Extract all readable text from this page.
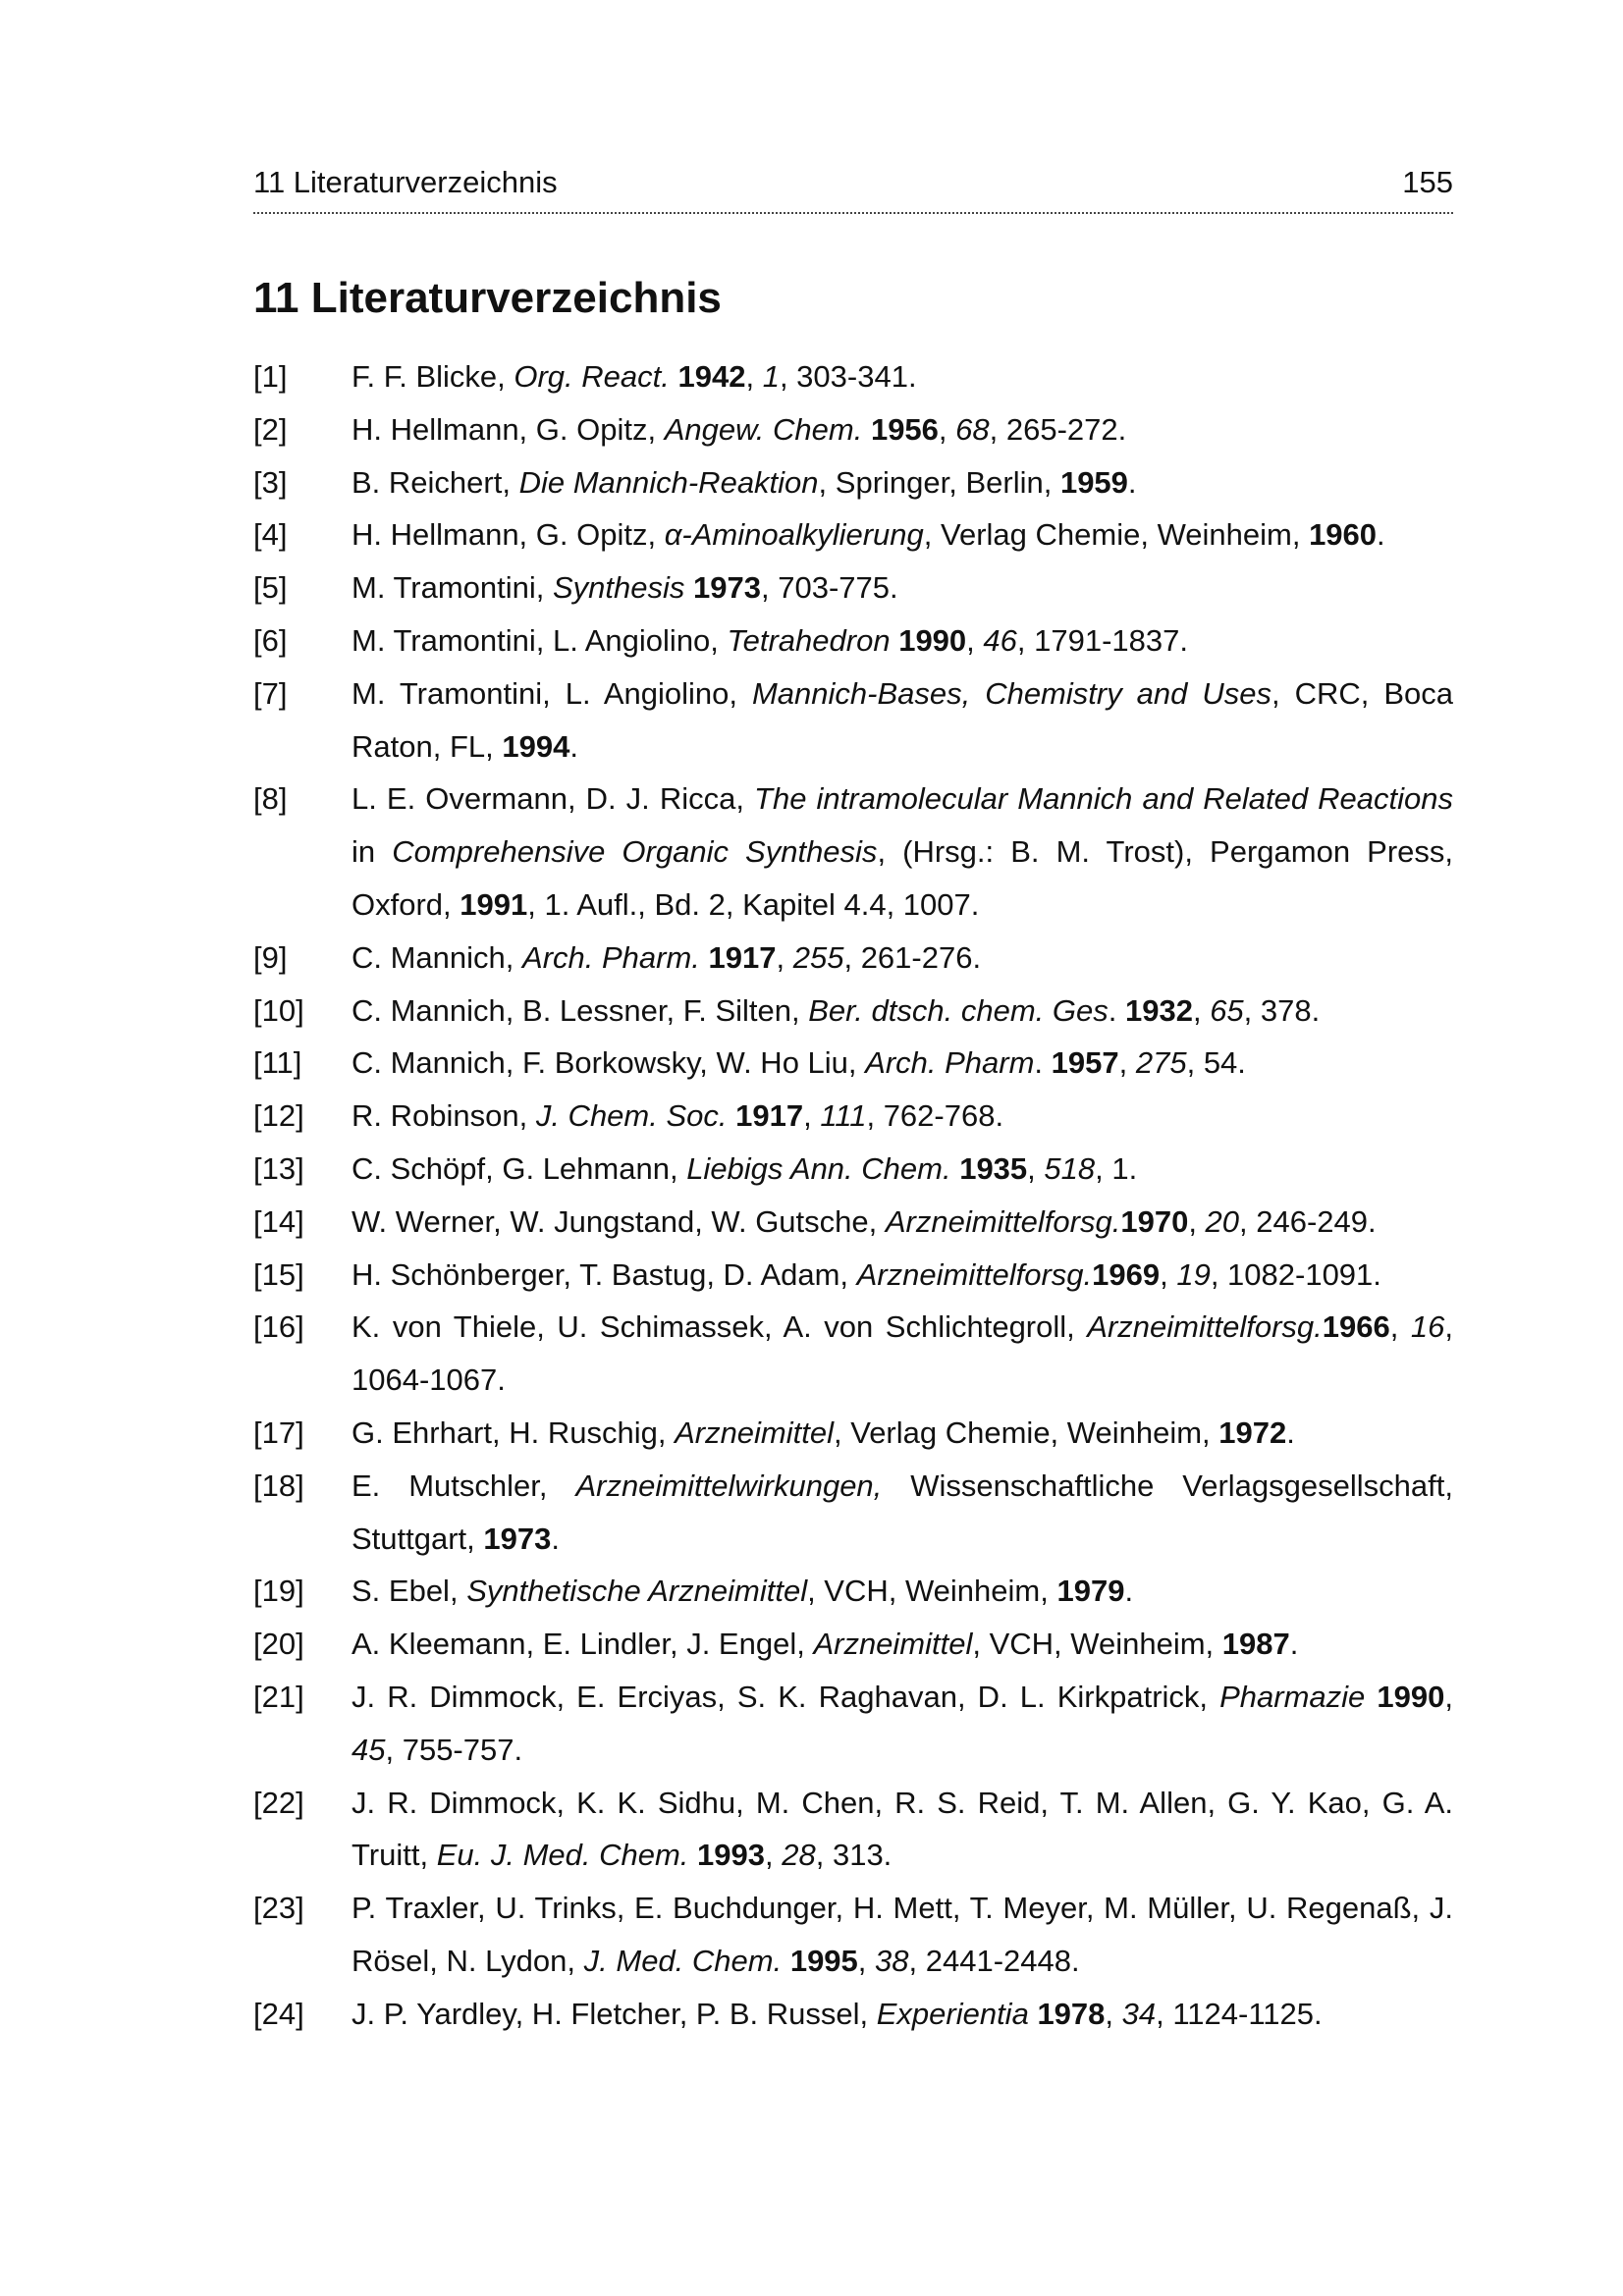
11 Literaturverzeichnis	155
11 Literaturverzeichnis
[1]	F. F. Blicke, Org. React. 1942, 1, 303-341.
[2]	H. Hellmann, G. Opitz, Angew. Chem. 1956, 68, 265-272.
[3]	B. Reichert, Die Mannich-Reaktion, Springer, Berlin, 1959.
[4]	H. Hellmann, G. Opitz, α-Aminoalkylierung, Verlag Chemie, Weinheim, 1960.
[5]	M. Tramontini, Synthesis 1973, 703-775.
[6]	M. Tramontini, L. Angiolino, Tetrahedron 1990, 46, 1791-1837.
[7]	M. Tramontini, L. Angiolino, Mannich-Bases, Chemistry and Uses, CRC, Boca Raton, FL, 1994.
[8]	L. E. Overmann, D. J. Ricca, The intramolecular Mannich and Related Reactions in Comprehensive Organic Synthesis, (Hrsg.: B. M. Trost), Pergamon Press, Oxford, 1991, 1. Aufl., Bd. 2, Kapitel 4.4, 1007.
[9]	C. Mannich, Arch. Pharm. 1917, 255, 261-276.
[10]	C. Mannich, B. Lessner, F. Silten, Ber. dtsch. chem. Ges. 1932, 65, 378.
[11]	C. Mannich, F. Borkowsky, W. Ho Liu, Arch. Pharm. 1957, 275, 54.
[12]	R. Robinson, J. Chem. Soc. 1917, 111, 762-768.
[13]	C. Schöpf, G. Lehmann, Liebigs Ann. Chem. 1935, 518, 1.
[14]	W. Werner, W. Jungstand, W. Gutsche, Arzneimittelforsg.1970, 20, 246-249.
[15]	H. Schönberger, T. Bastug, D. Adam, Arzneimittelforsg.1969, 19, 1082-1091.
[16]	K. von Thiele, U. Schimassek, A. von Schlichtegroll, Arzneimittelforsg.1966, 16, 1064-1067.
[17]	G. Ehrhart, H. Ruschig, Arzneimittel, Verlag Chemie, Weinheim, 1972.
[18]	E. Mutschler, Arzneimittelwirkungen, Wissenschaftliche Verlagsgesellschaft, Stuttgart, 1973.
[19]	S. Ebel, Synthetische Arzneimittel, VCH, Weinheim, 1979.
[20]	A. Kleemann, E. Lindler, J. Engel, Arzneimittel, VCH, Weinheim, 1987.
[21]	J. R. Dimmock, E. Erciyas, S. K. Raghavan, D. L. Kirkpatrick, Pharmazie 1990, 45, 755-757.
[22]	J. R. Dimmock, K. K. Sidhu, M. Chen, R. S. Reid, T. M. Allen, G. Y. Kao, G. A. Truitt, Eu. J. Med. Chem. 1993, 28, 313.
[23]	P. Traxler, U. Trinks, E. Buchdunger, H. Mett, T. Meyer, M. Müller, U. Regenaß, J. Rösel, N. Lydon, J. Med. Chem. 1995, 38, 2441-2448.
[24]	J. P. Yardley, H. Fletcher, P. B. Russel, Experientia 1978, 34, 1124-1125.
